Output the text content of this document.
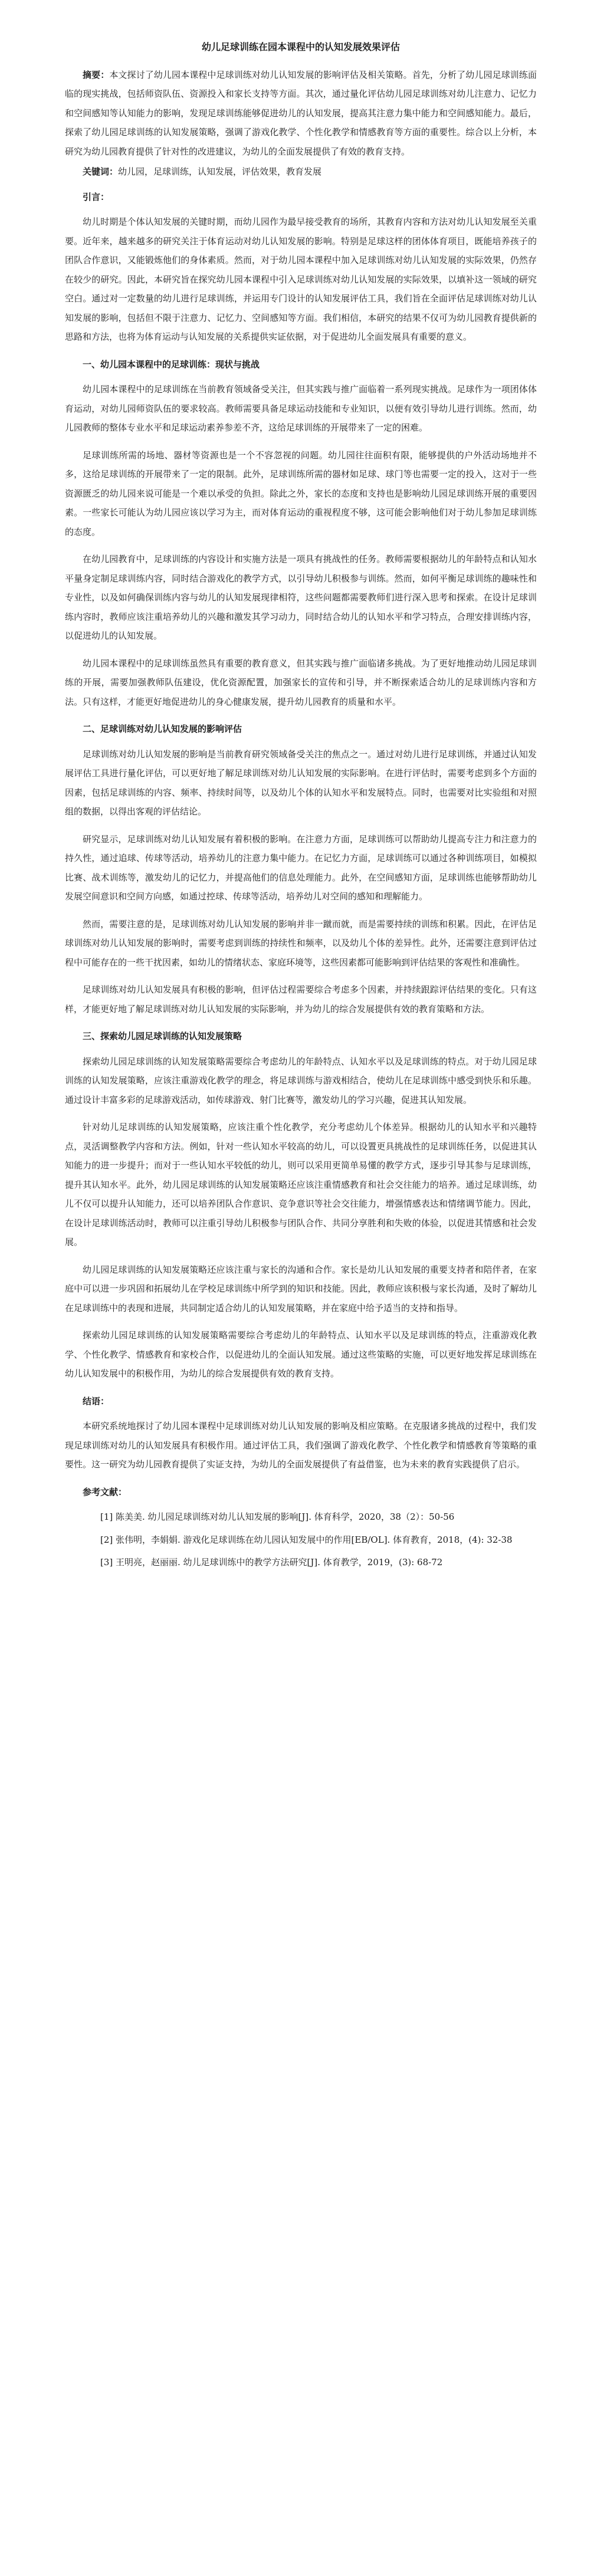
幼儿足球训练在园本课程中的认知发展效果评估

摘要：本文探讨了幼儿园本课程中足球训练对幼儿认知发展的影响评估及相关策略。首先，分析了幼儿园足球训练面临的现实挑战，包括师资队伍、资源投入和家长支持等方面。其次，通过量化评估幼儿园足球训练对幼儿注意力、记忆力和空间感知等认知能力的影响，发现足球训练能够促进幼儿的认知发展，提高其注意力集中能力和空间感知能力。最后，探索了幼儿园足球训练的认知发展策略，强调了游戏化教学、个性化教学和情感教育等方面的重要性。综合以上分析，本研究为幼儿园教育提供了针对性的改进建议，为幼儿的全面发展提供了有效的教育支持。

关键词：幼儿园，足球训练，认知发展，评估效果，教育发展

引言：

幼儿时期是个体认知发展的关键时期，而幼儿园作为最早接受教育的场所，其教育内容和方法对幼儿认知发展至关重要。近年来，越来越多的研究关注于体育运动对幼儿认知发展的影响。特别是足球这样的团体体育项目，既能培养孩子的团队合作意识，又能锻炼他们的身体素质。然而，对于幼儿园本课程中加入足球训练对幼儿认知发展的实际效果，仍然存在较少的研究。因此，本研究旨在探究幼儿园本课程中引入足球训练对幼儿认知发展的实际效果，以填补这一领域的研究空白。通过对一定数量的幼儿进行足球训练，并运用专门设计的认知发展评估工具，我们旨在全面评估足球训练对幼儿认知发展的影响，包括但不限于注意力、记忆力、空间感知等方面。我们相信，本研究的结果不仅可为幼儿园教育提供新的思路和方法，也将为体育运动与认知发展的关系提供实证依据，对于促进幼儿全面发展具有重要的意义。

一、幼儿园本课程中的足球训练：现状与挑战

幼儿园本课程中的足球训练在当前教育领域备受关注，但其实践与推广面临着一系列现实挑战。足球作为一项团体体育运动，对幼儿园师资队伍的要求较高。教师需要具备足球运动技能和专业知识，以便有效引导幼儿进行训练。然而，幼儿园教师的整体专业水平和足球运动素养参差不齐，这给足球训练的开展带来了一定的困难。

足球训练所需的场地、器材等资源也是一个不容忽视的问题。幼儿园往往面积有限，能够提供的户外活动场地并不多，这给足球训练的开展带来了一定的限制。此外，足球训练所需的器材如足球、球门等也需要一定的投入，这对于一些资源匮乏的幼儿园来说可能是一个难以承受的负担。除此之外，家长的态度和支持也是影响幼儿园足球训练开展的重要因素。一些家长可能认为幼儿园应该以学习为主，而对体育运动的重视程度不够，这可能会影响他们对于幼儿参加足球训练的态度。

在幼儿园教育中，足球训练的内容设计和实施方法是一项具有挑战性的任务。教师需要根据幼儿的年龄特点和认知水平量身定制足球训练内容，同时结合游戏化的教学方式，以引导幼儿积极参与训练。然而，如何平衡足球训练的趣味性和专业性，以及如何确保训练内容与幼儿的认知发展现律相符，这些问题都需要教师们进行深入思考和探索。在设计足球训练内容时，教师应该注重培养幼儿的兴趣和激发其学习动力，同时结合幼儿的认知水平和学习特点，合理安排训练内容，以促进幼儿的认知发展。

幼儿园本课程中的足球训练虽然具有重要的教育意义，但其实践与推广面临诸多挑战。为了更好地推动幼儿园足球训练的开展，需要加强教师队伍建设，优化资源配置，加强家长的宣传和引导，并不断探索适合幼儿的足球训练内容和方法。只有这样，才能更好地促进幼儿的身心健康发展，提升幼儿园教育的质量和水平。

二、足球训练对幼儿认知发展的影响评估

足球训练对幼儿认知发展的影响是当前教育研究领域备受关注的焦点之一。通过对幼儿进行足球训练，并通过认知发展评估工具进行量化评估，可以更好地了解足球训练对幼儿认知发展的实际影响。在进行评估时，需要考虑到多个方面的因素，包括足球训练的内容、频率、持续时间等，以及幼儿个体的认知水平和发展特点。同时，也需要对比实验组和对照组的数据，以得出客观的评估结论。

研究显示，足球训练对幼儿认知发展有着积极的影响。在注意力方面，足球训练可以帮助幼儿提高专注力和注意力的持久性，通过追球、传球等活动，培养幼儿的注意力集中能力。在记忆力方面，足球训练可以通过各种训练项目，如模拟比赛、战术训练等，激发幼儿的记忆力，并提高他们的信息处理能力。此外，在空间感知方面，足球训练也能够帮助幼儿发展空间意识和空间方向感，如通过控球、传球等活动，培养幼儿对空间的感知和理解能力。

然而，需要注意的是，足球训练对幼儿认知发展的影响并非一蹴而就，而是需要持续的训练和积累。因此，在评估足球训练对幼儿认知发展的影响时，需要考虑到训练的持续性和频率，以及幼儿个体的差异性。此外，还需要注意到评估过程中可能存在的一些干扰因素，如幼儿的情绪状态、家庭环境等，这些因素都可能影响到评估结果的客观性和准确性。

足球训练对幼儿认知发展具有积极的影响，但评估过程需要综合考虑多个因素，并持续跟踪评估结果的变化。只有这样，才能更好地了解足球训练对幼儿认知发展的实际影响，并为幼儿的综合发展提供有效的教育策略和方法。

三、探索幼儿园足球训练的认知发展策略

探索幼儿园足球训练的认知发展策略需要综合考虑幼儿的年龄特点、认知水平以及足球训练的特点。对于幼儿园足球训练的认知发展策略，应该注重游戏化教学的理念，将足球训练与游戏相结合，使幼儿在足球训练中感受到快乐和乐趣。通过设计丰富多彩的足球游戏活动，如传球游戏、射门比赛等，激发幼儿的学习兴趣，促进其认知发展。

针对幼儿足球训练的认知发展策略，应该注重个性化教学，充分考虑幼儿个体差异。根据幼儿的认知水平和兴趣特点，灵活调整教学内容和方法。例如，针对一些认知水平较高的幼儿，可以设置更具挑战性的足球训练任务，以促进其认知能力的进一步提升；而对于一些认知水平较低的幼儿，则可以采用更简单易懂的教学方式，逐步引导其参与足球训练，提升其认知水平。此外，幼儿园足球训练的认知发展策略还应该注重情感教育和社会交往能力的培养。通过足球训练，幼儿不仅可以提升认知能力，还可以培养团队合作意识、竞争意识等社会交往能力，增强情感表达和情绪调节能力。因此，在设计足球训练活动时，教师可以注重引导幼儿积极参与团队合作、共同分享胜利和失败的体验，以促进其情感和社会发展。

幼儿园足球训练的认知发展策略还应该注重与家长的沟通和合作。家长是幼儿认知发展的重要支持者和陪伴者，在家庭中可以进一步巩固和拓展幼儿在学校足球训练中所学到的知识和技能。因此，教师应该积极与家长沟通，及时了解幼儿在足球训练中的表现和进展，共同制定适合幼儿的认知发展策略，并在家庭中给予适当的支持和指导。

探索幼儿园足球训练的认知发展策略需要综合考虑幼儿的年龄特点、认知水平以及足球训练的特点，注重游戏化教学、个性化教学、情感教育和家校合作，以促进幼儿的全面认知发展。通过这些策略的实施，可以更好地发挥足球训练在幼儿认知发展中的积极作用，为幼儿的综合发展提供有效的教育支持。

结语：

本研究系统地探讨了幼儿园本课程中足球训练对幼儿认知发展的影响及相应策略。在克服诸多挑战的过程中，我们发现足球训练对幼儿的认知发展具有积极作用。通过评估工具，我们强调了游戏化教学、个性化教学和情感教育等策略的重要性。这一研究为幼儿园教育提供了实证支持，为幼儿的全面发展提供了有益借鉴，也为未来的教育实践提供了启示。

参考文献：

[1] 陈美美. 幼儿园足球训练对幼儿认知发展的影响[J]. 体育科学，2020，38（2）：50-56

[2] 张伟明，李娟娟. 游戏化足球训练在幼儿园认知发展中的作用[EB/OL]. 体育教育，2018，(4): 32-38

[3] 王明亮，赵丽丽. 幼儿足球训练中的教学方法研究[J]. 体育教学，2019，(3): 68-72
